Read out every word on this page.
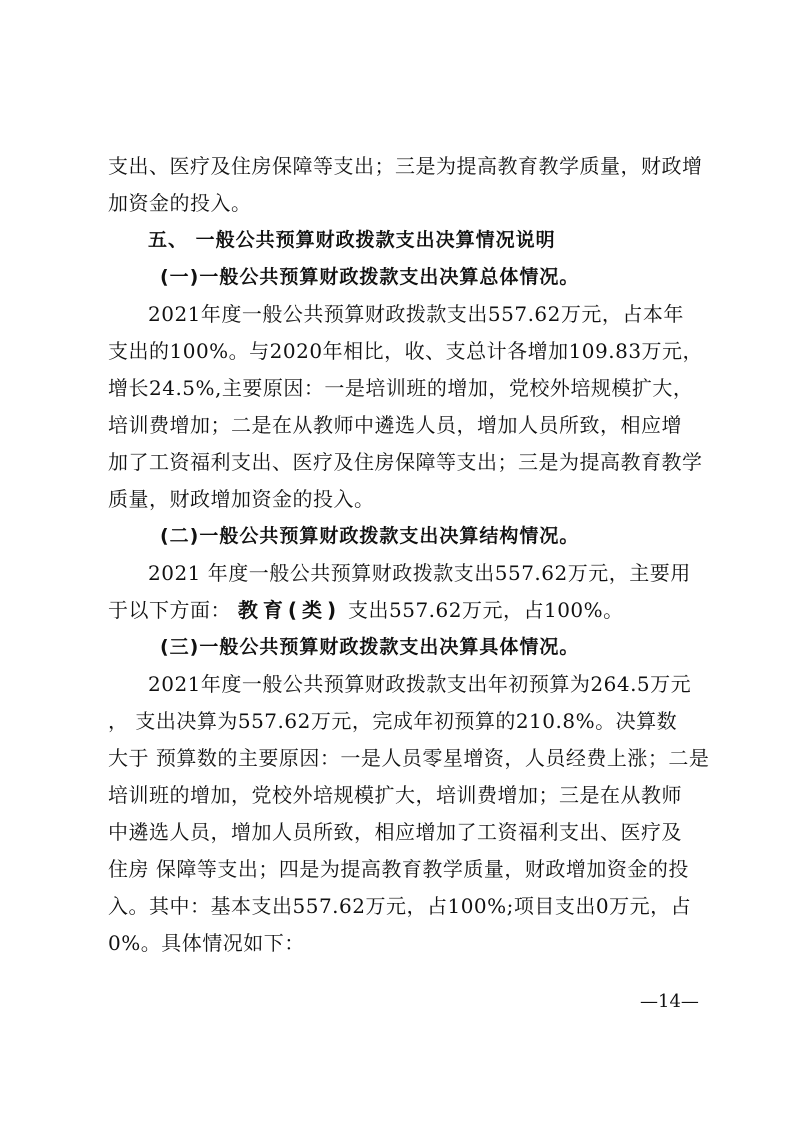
支出、医疗及住房保障等支出；三是为提高教育教学质量，财政增
加资金的投入。
五、 一般公共预算财政拨款支出决算情况说明
(一)一般公共预算财政拨款支出决算总体情况。
2021年度一般公共预算财政拨款支出557.62万元，占本年
支出的100%。与2020年相比，收、支总计各增加109.83万元，
增长24.5%,主要原因：一是培训班的增加，党校外培规模扩大，
培训费增加；二是在从教师中遴选人员，增加人员所致，相应增
加了工资福利支出、医疗及住房保障等支出；三是为提高教育教学
质量，财政增加资金的投入。
(二)一般公共预算财政拨款支出决算结构情况。
2021 年度一般公共预算财政拨款支出557.62万元，主要用
于以下方面： 教育(类) 支出557.62万元，占100%。
(三)一般公共预算财政拨款支出决算具体情况。
2021年度一般公共预算财政拨款支出年初预算为264.5万元
， 支出决算为557.62万元，完成年初预算的210.8%。决算数
大于 预算数的主要原因：一是人员零星增资，人员经费上涨；二是
培训班的增加，党校外培规模扩大，培训费增加；三是在从教师
中遴选人员，增加人员所致，相应增加了工资福利支出、医疗及
住房 保障等支出；四是为提高教育教学质量，财政增加资金的投
入。其中：基本支出557.62万元，占100%;项目支出0万元，占
0%。具体情况如下：
—14—
